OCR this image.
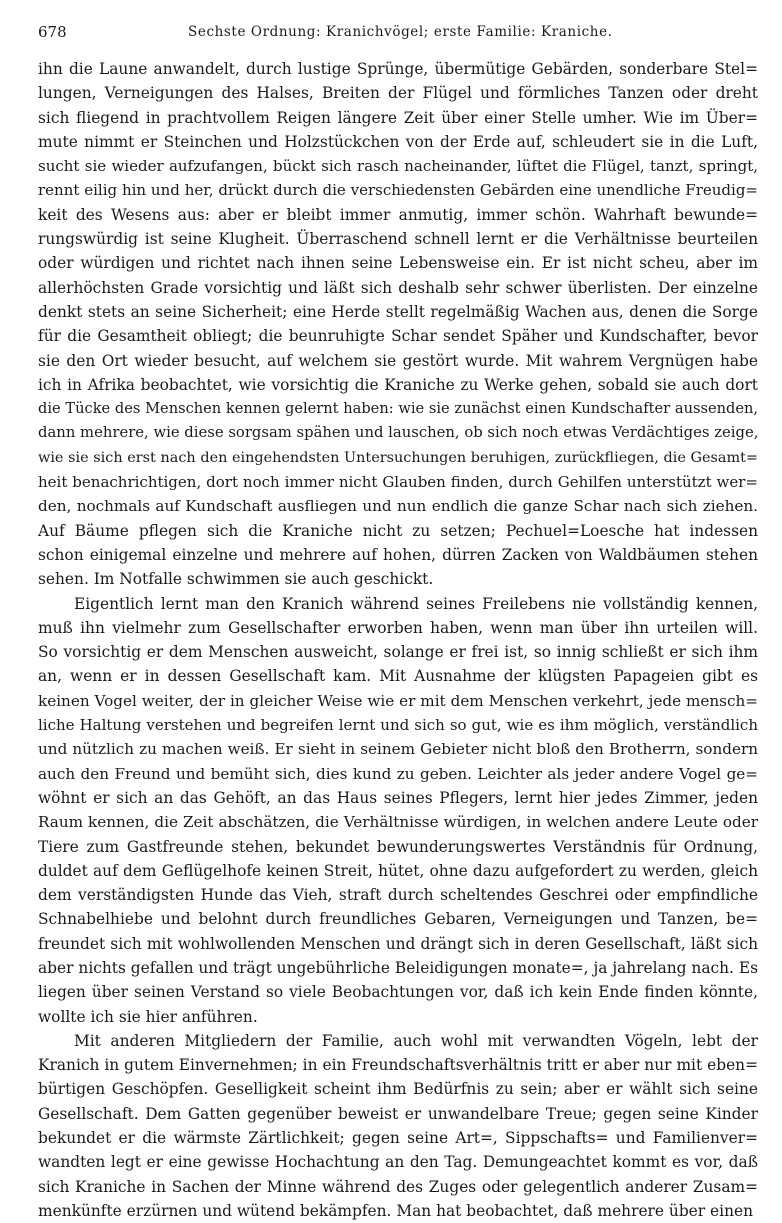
678	Sechste Ordnung: Kranichvögel; erste Familie: Kraniche.
ihn die Laune anwandelt, durch lustige Sprünge, übermütige Gebärden, sonderbare Stel=
lungen, Verneigungen des Halses, Breiten der Flügel und förmliches Tanzen oder dreht
sich fliegend in prachtvollem Reigen längere Zeit über einer Stelle umher. Wie im Über=
mute nimmt er Steinchen und Holzstückchen von der Erde auf, schleudert sie in die Luft,
sucht sie wieder aufzufangen, bückt sich rasch nacheinander, lüftet die Flügel, tanzt, springt,
rennt eilig hin und her, drückt durch die verschiedensten Gebärden eine unendliche Freudig=
keit des Wesens aus: aber er bleibt immer anmutig, immer schön. Wahrhaft bewunde=
rungswürdig ist seine Klugheit. Überraschend schnell lernt er die Verhältnisse beurteilen
oder würdigen und richtet nach ihnen seine Lebensweise ein. Er ist nicht scheu, aber im
allerhöchsten Grade vorsichtig und läßt sich deshalb sehr schwer überlisten. Der einzelne
denkt stets an seine Sicherheit; eine Herde stellt regelmäßig Wachen aus, denen die Sorge
für die Gesamtheit obliegt; die beunruhigte Schar sendet Späher und Kundschafter, bevor
sie den Ort wieder besucht, auf welchem sie gestört wurde. Mit wahrem Vergnügen habe
ich in Afrika beobachtet, wie vorsichtig die Kraniche zu Werke gehen, sobald sie auch dort
die Tücke des Menschen kennen gelernt haben: wie sie zunächst einen Kundschafter aussenden,
dann mehrere, wie diese sorgsam spähen und lauschen, ob sich noch etwas Verdächtiges zeige,
wie sie sich erst nach den eingehendsten Untersuchungen beruhigen, zurückfliegen, die Gesamt=
heit benachrichtigen, dort noch immer nicht Glauben finden, durch Gehilfen unterstützt wer=
den, nochmals auf Kundschaft ausfliegen und nun endlich die ganze Schar nach sich ziehen.
Auf Bäume pflegen sich die Kraniche nicht zu setzen; Pechuel=Loesche hat indessen
schon einigemal einzelne und mehrere auf hohen, dürren Zacken von Waldbäumen stehen
sehen. Im Notfalle schwimmen sie auch geschickt.
Eigentlich lernt man den Kranich während seines Freilebens nie vollständig kennen,
muß ihn vielmehr zum Gesellschafter erworben haben, wenn man über ihn urteilen will.
So vorsichtig er dem Menschen ausweicht, solange er frei ist, so innig schließt er sich ihm
an, wenn er in dessen Gesellschaft kam. Mit Ausnahme der klügsten Papageien gibt es
keinen Vogel weiter, der in gleicher Weise wie er mit dem Menschen verkehrt, jede mensch=
liche Haltung verstehen und begreifen lernt und sich so gut, wie es ihm möglich, verständlich
und nützlich zu machen weiß. Er sieht in seinem Gebieter nicht bloß den Brotherrn, sondern
auch den Freund und bemüht sich, dies kund zu geben. Leichter als jeder andere Vogel ge=
wöhnt er sich an das Gehöft, an das Haus seines Pflegers, lernt hier jedes Zimmer, jeden
Raum kennen, die Zeit abschätzen, die Verhältnisse würdigen, in welchen andere Leute oder
Tiere zum Gastfreunde stehen, bekundet bewunderungswertes Verständnis für Ordnung,
duldet auf dem Geflügelhofe keinen Streit, hütet, ohne dazu aufgefordert zu werden, gleich
dem verständigsten Hunde das Vieh, straft durch scheltendes Geschrei oder empfindliche
Schnabelhiebe und belohnt durch freundliches Gebaren, Verneigungen und Tanzen, be=
freundet sich mit wohlwollenden Menschen und drängt sich in deren Gesellschaft, läßt sich
aber nichts gefallen und trägt ungebührliche Beleidigungen monate=, ja jahrelang nach. Es
liegen über seinen Verstand so viele Beobachtungen vor, daß ich kein Ende finden könnte,
wollte ich sie hier anführen.
Mit anderen Mitgliedern der Familie, auch wohl mit verwandten Vögeln, lebt der
Kranich in gutem Einvernehmen; in ein Freundschaftsverhältnis tritt er aber nur mit eben=
bürtigen Geschöpfen. Geselligkeit scheint ihm Bedürfnis zu sein; aber er wählt sich seine
Gesellschaft. Dem Gatten gegenüber beweist er unwandelbare Treue; gegen seine Kinder
bekundet er die wärmste Zärtlichkeit; gegen seine Art=, Sippschafts= und Familienver=
wandten legt er eine gewisse Hochachtung an den Tag. Demungeachtet kommt es vor, daß
sich Kraniche in Sachen der Minne während des Zuges oder gelegentlich anderer Zusam=
menkünfte erzürnen und wütend bekämpfen. Man hat beobachtet, daß mehrere über einen
